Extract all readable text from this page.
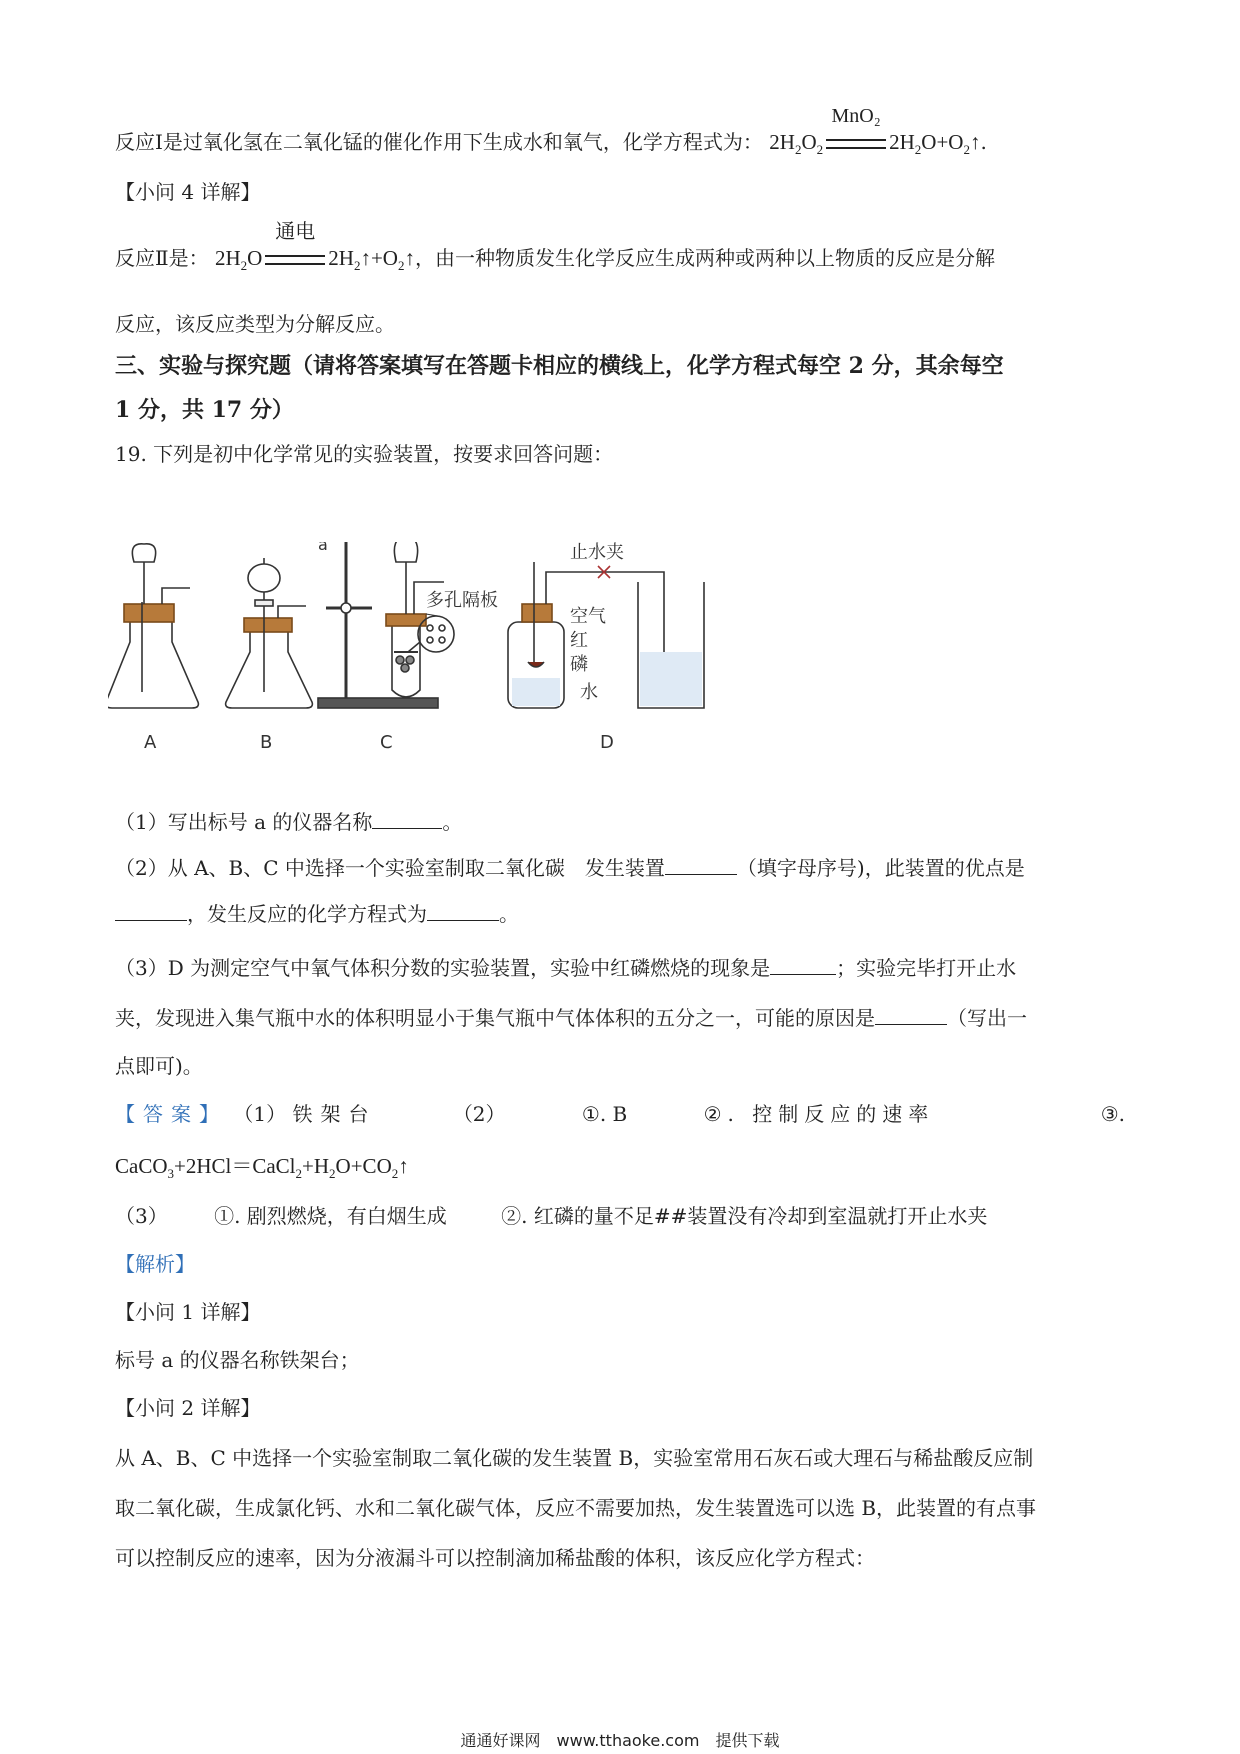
反应Ⅰ是过氧化氢在二氧化锰的催化作用下生成水和氧气，化学方程式为： $2H_2O_2$
MnO₂
$2H_2O+O_2↑$.
【小问 4 详解】
反应Ⅱ是： $2H_2O$
通电
$2H_2↑+O_2↑$，由一种物质发生化学反应生成两种或两种以上物质的反应是分解
反应，该反应类型为分解反应。
三、实验与探究题（请将答案填写在答题卡相应的横线上，化学方程式每空 2 分，其余每空
1 分，共 17 分）
19. 下列是初中化学常见的实验装置，按要求回答问题：
a	止水夹
多孔隔板
空气
红
磷
水
A	B	C	D
（1）写出标号 a 的仪器名称	。
（2）从 A、B、C 中选择一个实验室制取二氧化碳　发生装置	（填字母序号)，此装置的优点是
，发生反应的化学方程式为	。
（3）D 为测定空气中氧气体积分数的实验装置，实验中红磷燃烧的现象是	；实验完毕打开止水
夹，发现进入集气瓶中水的体积明显小于集气瓶中气体体积的五分之一，可能的原因是	（写出一
点即可)。
【答案】 （1） 铁架台	（2）	①. B	②. 控制反应的速率	③.
$CaCO_3+2HCl=CaCl_2+H_2O+CO_2↑$
（3） ①. 剧烈燃烧，有白烟生成	②. 红磷的量不足##装置没有冷却到室温就打开止水夹
【解析】
【小问 1 详解】
标号 a 的仪器名称铁架台；
【小问 2 详解】
从 A、B、C 中选择一个实验室制取二氧化碳的发生装置 B，实验室常用石灰石或大理石与稀盐酸反应制
取二氧化碳，生成氯化钙、水和二氧化碳气体，反应不需要加热，发生装置选可以选 B，此装置的有点事
可以控制反应的速率，因为分液漏斗可以控制滴加稀盐酸的体积，该反应化学方程式：
通通好课网　www.tthaoke.com　提供下载
